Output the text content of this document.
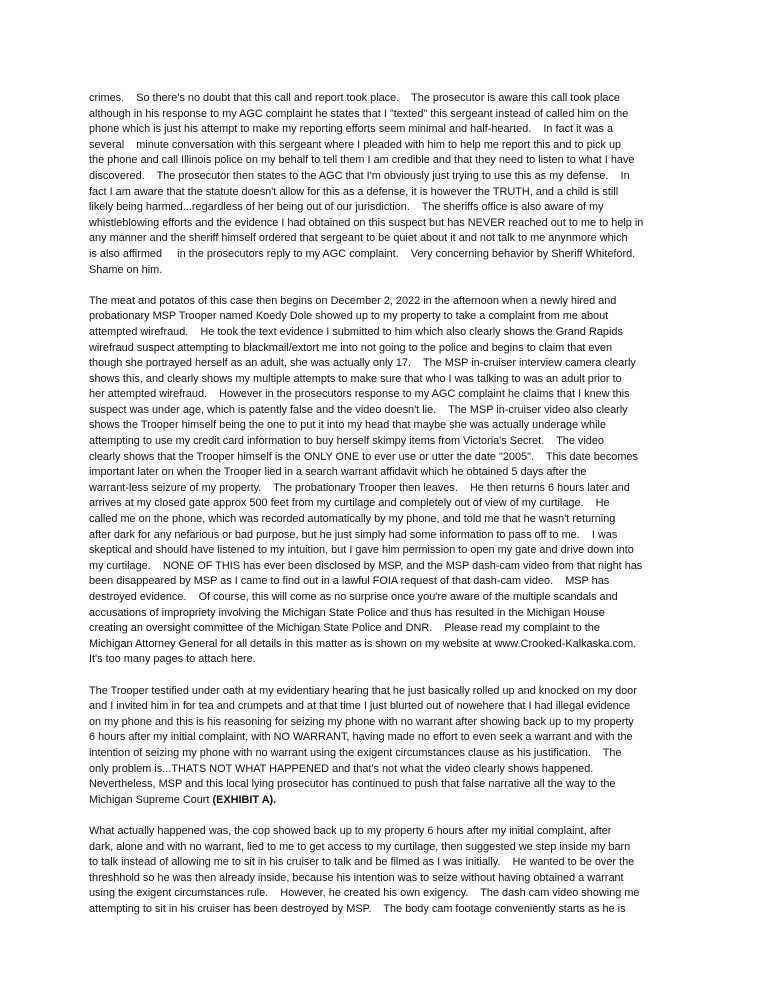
crimes.    So there's no doubt that this call and report took place.    The prosecutor is aware this call took place
although in his response to my AGC complaint he states that I "texted" this sergeant instead of called him on the
phone which is just his attempt to make my reporting efforts seem minimal and half-hearted.    In fact it was a
several    minute conversation with this sergeant where I pleaded with him to help me report this and to pick up
the phone and call Illinois police on my behalf to tell them I am credible and that they need to listen to what I have
discovered.    The prosecutor then states to the AGC that I'm obviously just trying to use this as my defense.    In
fact I am aware that the statute doesn't allow for this as a defense, it is however the TRUTH, and a child is still
likely being harmed...regardless of her being out of our jurisdiction.    The sheriffs office is also aware of my
whistleblowing efforts and the evidence I had obtained on this suspect but has NEVER reached out to me to help in
any manner and the sheriff himself ordered that sergeant to be quiet about it and not talk to me anynmore which
is also affirmed     in the prosecutors reply to my AGC complaint.    Very concerning behavior by Sheriff Whiteford.
Shame on him.
The meat and potatos of this case then begins on December 2, 2022 in the afternoon when a newly hired and
probationary MSP Trooper named Koedy Dole showed up to my property to take a complaint from me about
attempted wirefraud.    He took the text evidence I submitted to him which also clearly shows the Grand Rapids
wirefraud suspect attempting to blackmail/extort me into not going to the police and begins to claim that even
though she portrayed herself as an adult, she was actually only 17.    The MSP in-cruiser interview camera clearly
shows this, and clearly shows my multiple attempts to make sure that who I was talking to was an adult prior to
her attempted wirefraud.    However in the prosecutors response to my AGC complaint he claims that I knew this
suspect was under age, which is patently false and the video doesn't lie.    The MSP in-cruiser video also clearly
shows the Trooper himself being the one to put it into my head that maybe she was actually underage while
attempting to use my credit card information to buy herself skimpy items from Victoria's Secret.    The video
clearly shows that the Trooper himself is the ONLY ONE to ever use or utter the date "2005".    This date becomes
important later on when the Trooper lied in a search warrant affidavit which he obtained 5 days after the
warrant-less seizure of my property.    The probationary Trooper then leaves.    He then returns 6 hours later and
arrives at my closed gate approx 500 feet from my curtilage and completely out of view of my curtilage.    He
called me on the phone, which was recorded automatically by my phone, and told me that he wasn't returning
after dark for any nefarious or bad purpose, but he just simply had some information to pass off to me.    I was
skeptical and should have listened to my intuition, but I gave him permission to open my gate and drive down into
my curtilage.    NONE OF THIS has ever been disclosed by MSP, and the MSP dash-cam video from that night has
been disappeared by MSP as I came to find out in a lawful FOIA request of that dash-cam video.    MSP has
destroyed evidence.    Of course, this will come as no surprise once you're aware of the multiple scandals and
accusations of impropriety involving the Michigan State Police and thus has resulted in the Michigan House
creating an oversight committee of the Michigan State Police and DNR.    Please read my complaint to the
Michigan Attorney General for all details in this matter as is shown on my website at www.Crooked-Kalkaska.com.
It's too many pages to attach here.
The Trooper testified under oath at my evidentiary hearing that he just basically rolled up and knocked on my door
and I invited him in for tea and crumpets and at that time I just blurted out of nowehere that I had illegal evidence
on my phone and this is his reasoning for seizing my phone with no warrant after showing back up to my property
6 hours after my initial complaint, with NO WARRANT, having made no effort to even seek a warrant and with the
intention of seizing my phone with no warrant using the exigent circumstances clause as his justification.    The
only problem is...THATS NOT WHAT HAPPENED and that's not what the video clearly shows happened.
Nevertheless, MSP and this local lying prosecutor has continued to push that false narrative all the way to the
Michigan Supreme Court (EXHIBIT A).
What actually happened was, the cop showed back up to my property 6 hours after my initial complaint, after
dark, alone and with no warrant, lied to me to get access to my curtilage, then suggested we step inside my barn
to talk instead of allowing me to sit in his cruiser to talk and be filmed as I was initially.    He wanted to be over the
threshhold so he was then already inside, because his intention was to seize without having obtained a warrant
using the exigent circumstances rule.    However, he created his own exigency.    The dash cam video showing me
attempting to sit in his cruiser has been destroyed by MSP.    The body cam footage conveniently starts as he is
